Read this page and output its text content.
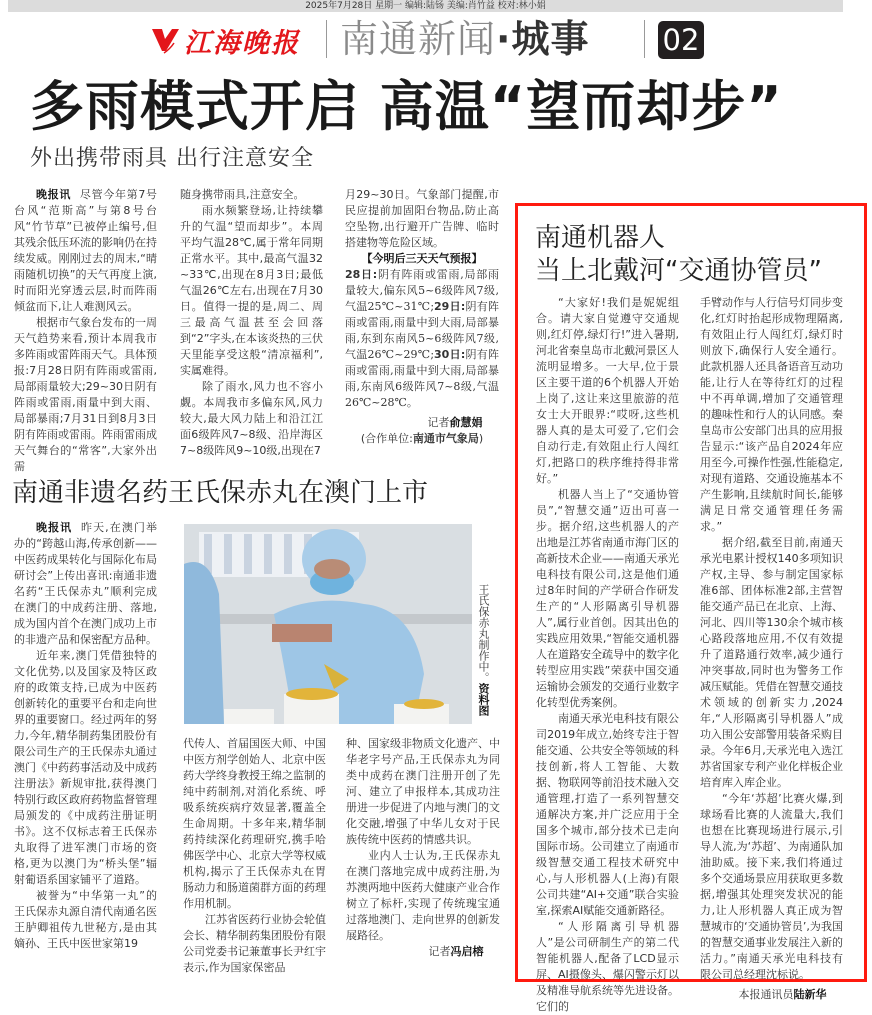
2025年7月28日 星期一 编辑:陆钖 美编:肖竹益 校对:林小娟
江海晚报 南通新闻·城事	02
多雨模式开启 高温“望而却步”
外出携带雨具 出行注意安全

晚报讯 尽管今年第7号台风“范斯高”与第8号台风“竹节草”已被停止编号,但其残余低压环流的影响仍在持续发威。刚刚过去的周末,“晴雨随机切换”的天气再度上演,时而阳光穿透云层,时而阵雨倾盆而下,让人难测风云。

根据市气象台发布的一周天气趋势来看,预计本周我市多阵雨或雷阵雨天气。具体预报:7月28日阴有阵雨或雷雨,局部雨量较大;29~30日阴有阵雨或雷雨,雨量中到大雨、局部暴雨;7月31日到8月3日阴有阵雨或雷雨。阵雨雷雨成天气舞台的“常客”,大家外出需

随身携带雨具,注意安全。

雨水频繁登场,让持续攀升的气温“望而却步”。本周平均气温28℃,属于常年同期正常水平。其中,最高气温32~33℃,出现在8月3日;最低气温26℃左右,出现在7月30日。值得一提的是,周二、周三最高气温甚至会回落到“2”字头,在本该炎热的三伏天里能享受这般“清凉福利”,实属难得。

除了雨水,风力也不容小觑。本周我市多偏东风,风力较大,最大风力陆上和沿江江面6级阵风7~8级、沿岸海区7~8级阵风9~10级,出现在7

月29~30日。气象部门提醒,市民应提前加固阳台物品,防止高空坠物,出行避开广告牌、临时搭建物等危险区域。

【今明后三天天气预报】

28日:阴有阵雨或雷雨,局部雨量较大,偏东风5~6级阵风7级,气温25℃~31℃;29日:阴有阵雨或雷雨,雨量中到大雨,局部暴雨,东到东南风5~6级阵风7级,气温26℃~29℃;30日:阴有阵雨或雷雨,雨量中到大雨,局部暴雨,东南风6级阵风7~8级,气温26℃~28℃。

记者俞慧娟

(合作单位:南通市气象局)

南通机器人
当上北戴河“交通协管员”

“大家好!我们是妮妮组合。请大家自觉遵守交通规则,红灯停,绿灯行!”进入暑期,河北省秦皇岛市北戴河景区人流明显增多。一大早,位于景区主要干道的6个机器人开始上岗了,这让来这里旅游的范女士大开眼界:“哎呀,这些机器人真的是太可爱了,它们会自动行走,有效阻止行人闯红灯,把路口的秩序维持得非常好。”

机器人当上了“交通协管员”,“智慧交通”迈出可喜一步。据介绍,这些机器人的产出地是江苏省南通市海门区的高新技术企业——南通天承光电科技有限公司,这是他们通过8年时间的产学研合作研发生产的“人形隔离引导机器人”,属行业首创。因其出色的实践应用效果,“智能交通机器人在道路安全疏导中的数字化转型应用实践”荣获中国交通运输协会颁发的交通行业数字化转型优秀案例。

南通天承光电科技有限公司2019年成立,始终专注于智能交通、公共安全等领域的科技创新,将人工智能、大数据、物联网等前沿技术融入交通管理,打造了一系列智慧交通解决方案,并广泛应用于全国多个城市,部分技术已走向国际市场。公司建立了南通市级智慧交通工程技术研究中心,与人形机器人(上海)有限公司共建“AI+交通”联合实验室,探索AI赋能交通新路径。

“人形隔离引导机器人”是公司研制生产的第二代智能机器人,配备了LCD显示屏、AI摄像头、爆闪警示灯以及精准导航系统等先进设备。它们的

手臂动作与人行信号灯同步变化,红灯时抬起形成物理隔离,有效阻止行人闯红灯,绿灯时则放下,确保行人安全通行。此款机器人还具备语音互动功能,让行人在等待红灯的过程中不再单调,增加了交通管理的趣味性和行人的认同感。秦皇岛市公安部门出具的应用报告显示:“该产品自2024年应用至今,可操作性强,性能稳定,对现有道路、交通设施基本不产生影响,且续航时间长,能够满足日常交通管理任务需求。”

据介绍,截至目前,南通天承光电累计授权140多项知识产权,主导、参与制定国家标准6部、团体标准2部,主营智能交通产品已在北京、上海、河北、四川等130余个城市核心路段落地应用,不仅有效提升了道路通行效率,减少通行冲突事故,同时也为警务工作减压赋能。凭借在智慧交通技术领域的创新实力,2024年,“人形隔离引导机器人”成功入围公安部警用装备采购目录。今年6月,天承光电入选江苏省国家专利产业化样板企业培育库入库企业。

“今年‘苏超’比赛火爆,到球场看比赛的人流量大,我们也想在比赛现场进行展示,引导人流,为‘苏超’、为南通队加油助威。接下来,我们将通过多个交通场景应用获取更多数据,增强其处理突发状况的能力,让人形机器人真正成为智慧城市的‘交通协管员’,为我国的智慧交通事业发展注入新的活力。”南通天承光电科技有限公司总经理沈标说。

本报通讯员陆新华

南通非遗名药王氏保赤丸在澳门上市

晚报讯 昨天,在澳门举办的“跨越山海,传承创新——中医药成果转化与国际化布局研讨会”上传出喜讯:南通非遗名药“王氏保赤丸”顺利完成在澳门的中成药注册、落地,成为国内首个在澳门成功上市的非遗产品和保密配方品种。

近年来,澳门凭借独特的文化优势,以及国家及特区政府的政策支持,已成为中医药创新转化的重要平台和走向世界的重要窗口。经过两年的努力,今年,精华制药集团股份有限公司生产的王氏保赤丸通过澳门《中药药事活动及中成药注册法》新规审批,获得澳门特别行政区政府药物监督管理局颁发的《中成药注册证明书》。这不仅标志着王氏保赤丸取得了进军澳门市场的资格,更为以澳门为“桥头堡”辐射葡语系国家铺平了道路。

被誉为“中华第一丸”的王氏保赤丸源自清代南通名医王胪卿祖传九世秘方,是由其嫡孙、王氏中医世家第19

王氏保赤丸制作中。资料图

代传人、首届国医大师、中国中医方剂学创始人、北京中医药大学终身教授王绵之监制的纯中药制剂,对消化系统、呼吸系统疾病疗效显著,覆盖全生命周期。十多年来,精华制药持续深化药理研究,携手哈佛医学中心、北京大学等权威机构,揭示了王氏保赤丸在胃肠动力和肠道菌群方面的药理作用机制。

江苏省医药行业协会轮值会长、精华制药集团股份有限公司党委书记兼董事长尹红宇表示,作为国家保密品

种、国家级非物质文化遗产、中华老字号产品,王氏保赤丸为同类中成药在澳门注册开创了先河、建立了申报样本,其成功注册进一步促进了内地与澳门的文化交融,增强了中华儿女对于民族传统中医药的情感共识。

业内人士认为,王氏保赤丸在澳门落地完成中成药注册,为苏澳两地中医药大健康产业合作树立了标杆,实现了传统瑰宝通过落地澳门、走向世界的创新发展路径。

记者冯启榕
